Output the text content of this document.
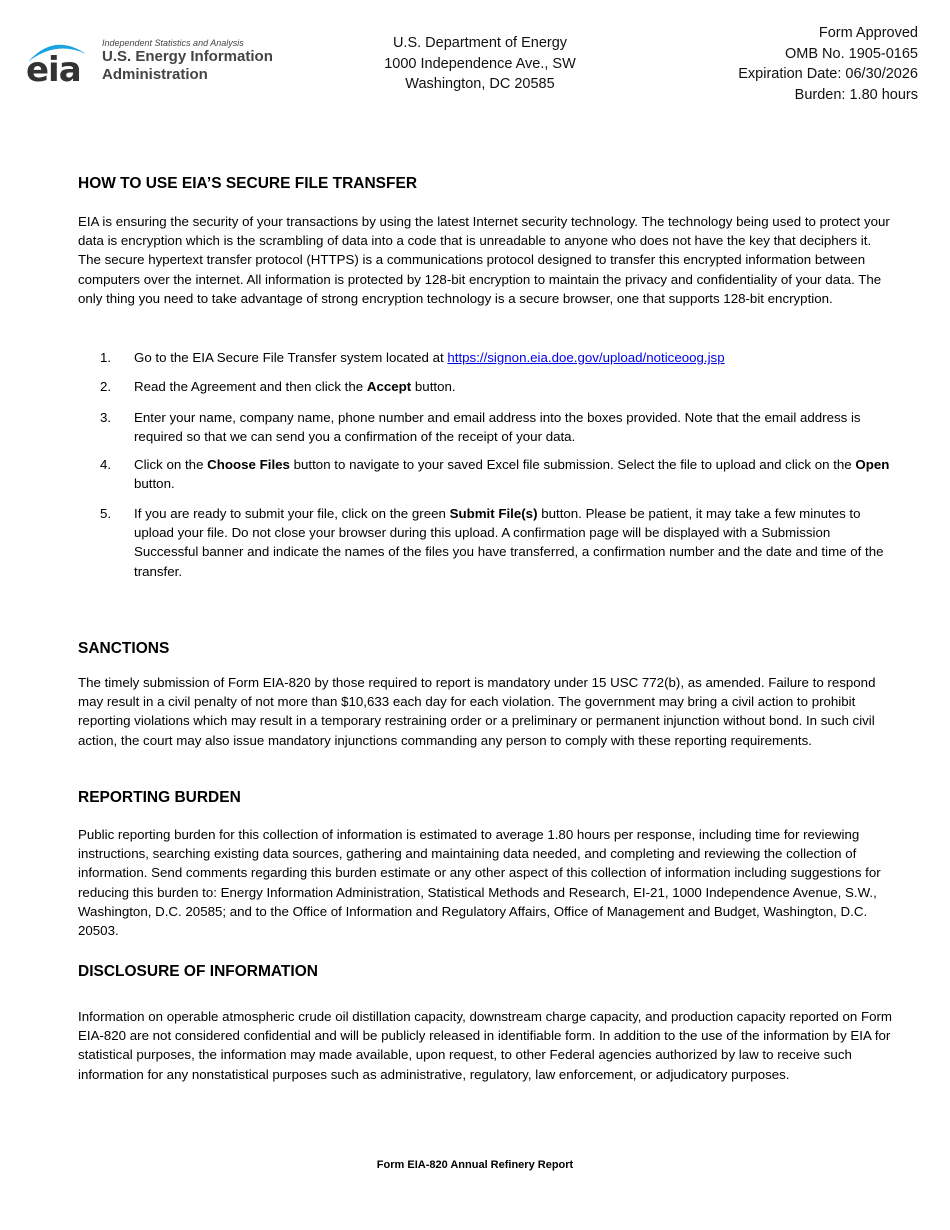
eia
Independent Statistics and Analysis
U.S. Energy Information
Administration
U.S. Department of Energy
1000 Independence Ave., SW
Washington, DC 20585
Form Approved
OMB No. 1905-0165
Expiration Date: 06/30/2026
Burden: 1.80 hours
HOW TO USE EIA’S SECURE FILE TRANSFER
EIA is ensuring the security of your transactions by using the latest Internet security technology. The technology being used to protect your data is encryption which is the scrambling of data into a code that is unreadable to anyone who does not have the key that deciphers it. The secure hypertext transfer protocol (HTTPS) is a communications protocol designed to transfer this encrypted information between computers over the internet. All information is protected by 128-bit encryption to maintain the privacy and confidentiality of your data. The only thing you need to take advantage of strong encryption technology is a secure browser, one that supports 128-bit encryption.
1. Go to the EIA Secure File Transfer system located at https://signon.eia.doe.gov/upload/noticeoog.jsp
2. Read the Agreement and then click the Accept button.
3. Enter your name, company name, phone number and email address into the boxes provided. Note that the email address is required so that we can send you a confirmation of the receipt of your data.
4. Click on the Choose Files button to navigate to your saved Excel file submission. Select the file to upload and click on the Open button.
5. If you are ready to submit your file, click on the green Submit File(s) button. Please be patient, it may take a few minutes to upload your file. Do not close your browser during this upload. A confirmation page will be displayed with a Submission Successful banner and indicate the names of the files you have transferred, a confirmation number and the date and time of the transfer.
SANCTIONS
The timely submission of Form EIA-820 by those required to report is mandatory under 15 USC 772(b), as amended. Failure to respond may result in a civil penalty of not more than $10,633 each day for each violation. The government may bring a civil action to prohibit reporting violations which may result in a temporary restraining order or a preliminary or permanent injunction without bond. In such civil action, the court may also issue mandatory injunctions commanding any person to comply with these reporting requirements.
REPORTING BURDEN
Public reporting burden for this collection of information is estimated to average 1.80 hours per response, including time for reviewing instructions, searching existing data sources, gathering and maintaining data needed, and completing and reviewing the collection of information. Send comments regarding this burden estimate or any other aspect of this collection of information including suggestions for reducing this burden to: Energy Information Administration, Statistical Methods and Research, EI-21, 1000 Independence Avenue, S.W., Washington, D.C. 20585; and to the Office of Information and Regulatory Affairs, Office of Management and Budget, Washington, D.C. 20503.
DISCLOSURE OF INFORMATION
Information on operable atmospheric crude oil distillation capacity, downstream charge capacity, and production capacity reported on Form EIA-820 are not considered confidential and will be publicly released in identifiable form. In addition to the use of the information by EIA for statistical purposes, the information may made available, upon request, to other Federal agencies authorized by law to receive such information for any nonstatistical purposes such as administrative, regulatory, law enforcement, or adjudicatory purposes.
Form EIA-820 Annual Refinery Report
